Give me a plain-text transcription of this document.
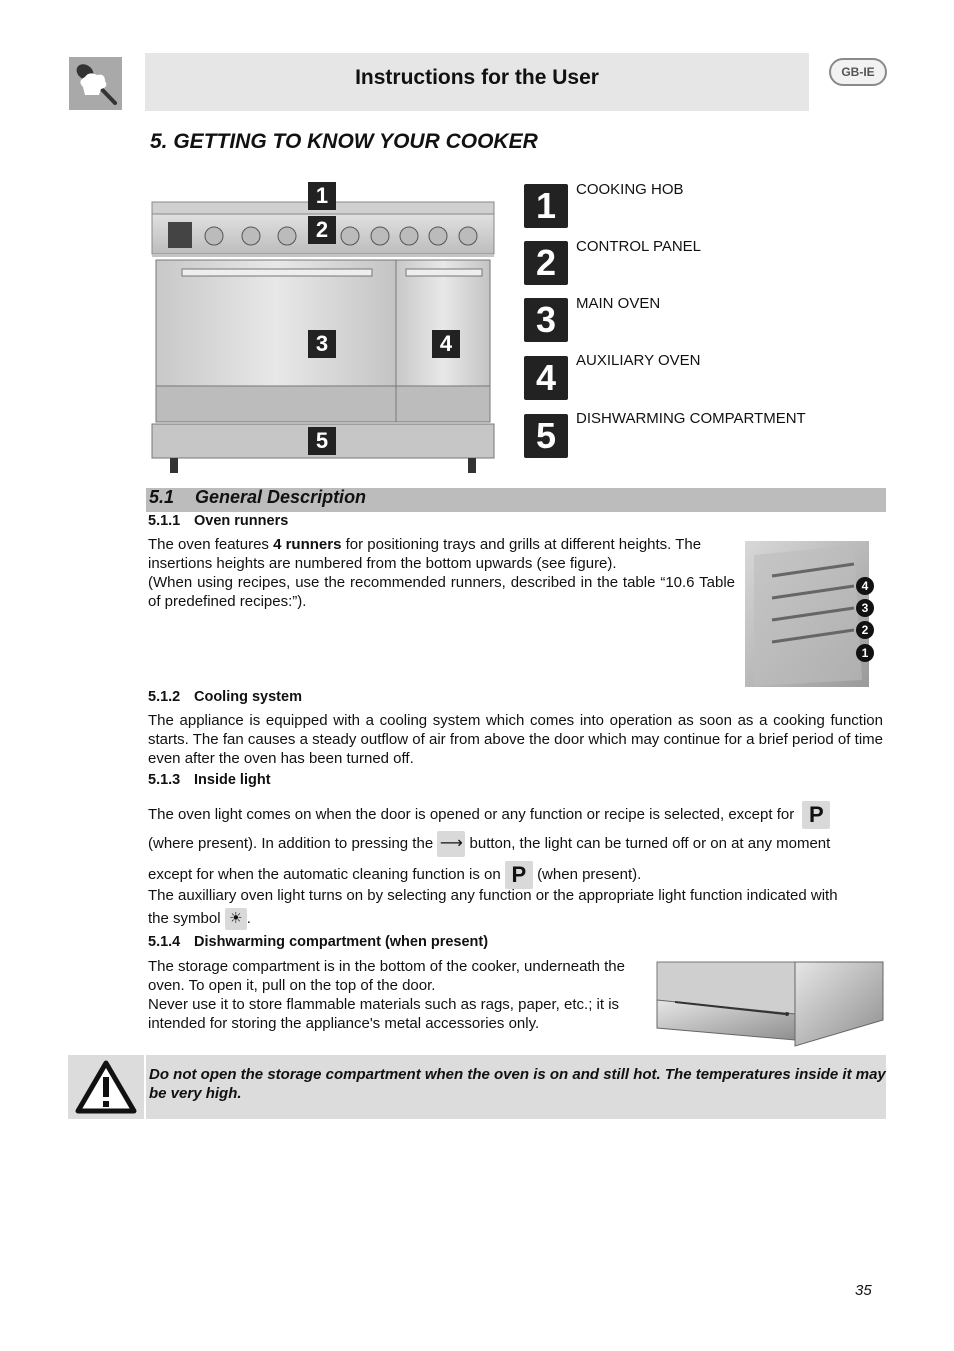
Instructions for the User	GB-IE
5. GETTING TO KNOW YOUR COOKER
1
2
3	4
5
1	COOKING HOB
2	CONTROL PANEL
3	MAIN OVEN
4	AUXILIARY OVEN
5	DISHWARMING COMPARTMENT
5.1 General Description
5.1.1 Oven runners
The oven features 4 runners for positioning trays and grills at different heights. The insertions heights are numbered from the bottom upwards (see figure).
(When using recipes, use the recommended runners, described in the table “10.6 Table of predefined recipes:”).
4
3
2
1
5.1.2 Cooling system
The appliance is equipped with a cooling system which comes into operation as soon as a cooking function starts. The fan causes a steady outflow of air from above the door which may continue for a brief period of time even after the oven has been turned off.
5.1.3 Inside light
The oven light comes on when the door is opened or any function or recipe is selected, except for P
(where present). In addition to pressing the ⟶ button, the light can be turned off or on at any moment
except for when the automatic cleaning function is on P (when present).
The auxilliary oven light turns on by selecting any function or the appropriate light function indicated with
the symbol ☀ .
5.1.4 Dishwarming compartment (when present)
The storage compartment is in the bottom of the cooker, underneath the oven. To open it, pull on the top of the door.
Never use it to store flammable materials such as rags, paper, etc.; it is intended for storing the appliance's metal accessories only.
Do not open the storage compartment when the oven is on and still hot. The temperatures inside it may be very high.
35
